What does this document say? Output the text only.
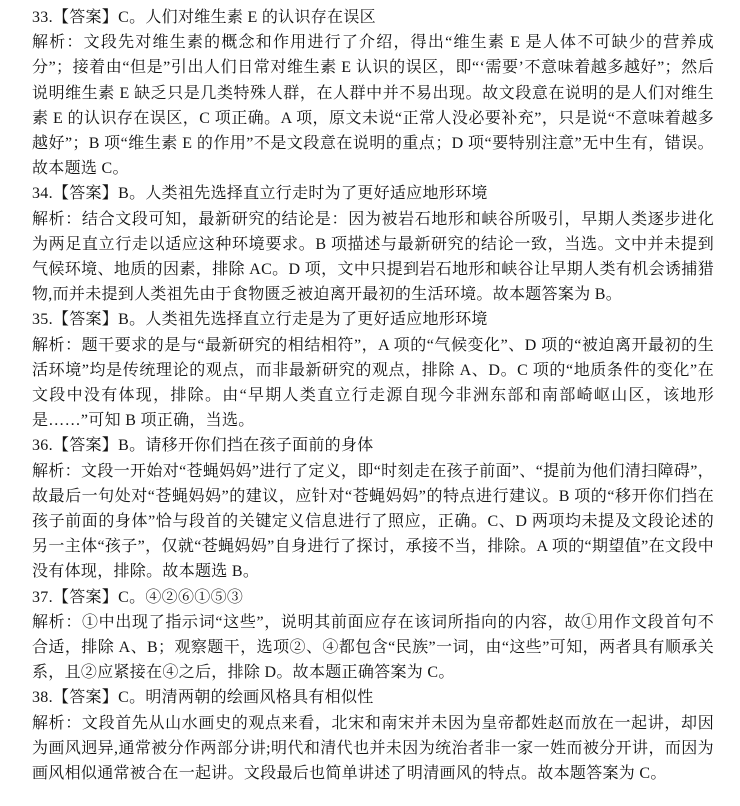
33.【答案】C。人们对维生素 E 的认识存在误区

解析：文段先对维生素的概念和作用进行了介绍，得出“维生素 E 是人体不可缺少的营养成分”；接着由“但是”引出人们日常对维生素 E 认识的误区，即“‘需要’不意味着越多越好”；然后说明维生素 E 缺乏只是几类特殊人群，在人群中并不易出现。故文段意在说明的是人们对维生素 E 的认识存在误区，C 项正确。A 项，原文未说“正常人没必要补充”，只是说“不意味着越多越好”；B 项“维生素 E 的作用”不是文段意在说明的重点；D 项“要特别注意”无中生有，错误。故本题选 C。

34.【答案】B。人类祖先选择直立行走时为了更好适应地形环境

解析：结合文段可知，最新研究的结论是：因为被岩石地形和峡谷所吸引，早期人类逐步进化为两足直立行走以适应这种环境要求。B 项描述与最新研究的结论一致，当选。文中并未提到气候环境、地质的因素，排除 AC。D 项，文中只提到岩石地形和峡谷让早期人类有机会诱捕猎物,而并未提到人类祖先由于食物匮乏被迫离开最初的生活环境。故本题答案为 B。

35.【答案】B。人类祖先选择直立行走是为了更好适应地形环境

解析：题干要求的是与“最新研究的相结相符”，A 项的“气候变化”、D 项的“被迫离开最初的生活环境”均是传统理论的观点，而非最新研究的观点，排除 A、D。C 项的“地质条件的变化”在文段中没有体现，排除。由“早期人类直立行走源自现今非洲东部和南部崎岖山区，该地形是……”可知 B 项正确，当选。

36.【答案】B。请移开你们挡在孩子面前的身体

解析：文段一开始对“苍蝇妈妈”进行了定义，即“时刻走在孩子前面”、“提前为他们清扫障碍”，故最后一句处对“苍蝇妈妈”的建议，应针对“苍蝇妈妈”的特点进行建议。B 项的“移开你们挡在孩子前面的身体”恰与段首的关键定义信息进行了照应，正确。C、D 两项均未提及文段论述的另一主体“孩子”，仅就“苍蝇妈妈”自身进行了探讨，承接不当，排除。A 项的“期望值”在文段中没有体现，排除。故本题选 B。

37.【答案】C。④②⑥①⑤③

解析：①中出现了指示词“这些”，说明其前面应存在该词所指向的内容，故①用作文段首句不合适，排除 A、B；观察题干，选项②、④都包含“民族”一词，由“这些”可知，两者具有顺承关系，且②应紧接在④之后，排除 D。故本题正确答案为 C。

38.【答案】C。明清两朝的绘画风格具有相似性

解析：文段首先从山水画史的观点来看，北宋和南宋并未因为皇帝都姓赵而放在一起讲，却因为画风迥异,通常被分作两部分讲;明代和清代也并未因为统治者非一家一姓而被分开讲，而因为画风相似通常被合在一起讲。文段最后也简单讲述了明清画风的特点。故本题答案为 C。
